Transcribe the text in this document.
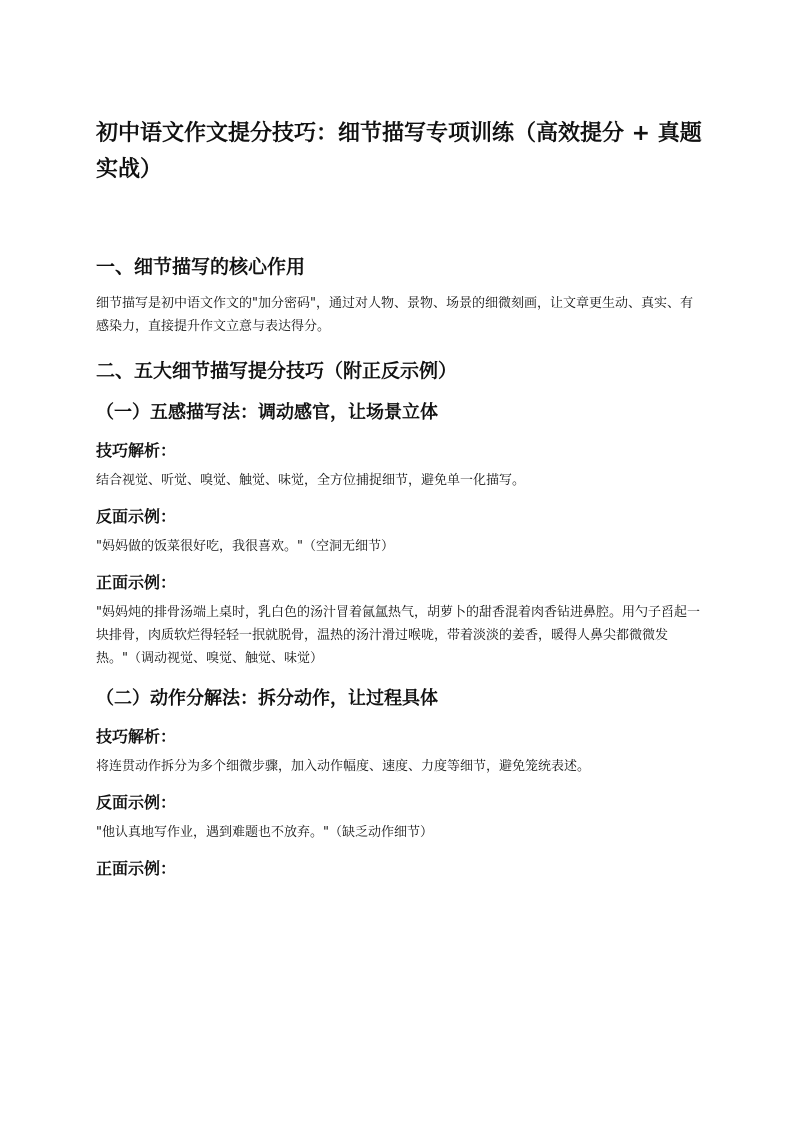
初中语文作文提分技巧：细节描写专项训练（高效提分 + 真题实战）
一、细节描写的核心作用

细节描写是初中语文作文的"加分密码"，通过对人物、景物、场景的细微刻画，让文章更生动、真实、有感染力，直接提升作文立意与表达得分。

二、五大细节描写提分技巧（附正反示例）
（一）五感描写法：调动感官，让场景立体
技巧解析：

结合视觉、听觉、嗅觉、触觉、味觉，全方位捕捉细节，避免单一化描写。

反面示例：

"妈妈做的饭菜很好吃，我很喜欢。"（空洞无细节）

正面示例：

"妈妈炖的排骨汤端上桌时，乳白色的汤汁冒着氤氲热气，胡萝卜的甜香混着肉香钻进鼻腔。用勺子舀起一块排骨，肉质软烂得轻轻一抿就脱骨，温热的汤汁滑过喉咙，带着淡淡的姜香，暖得人鼻尖都微微发热。"（调动视觉、嗅觉、触觉、味觉）

（二）动作分解法：拆分动作，让过程具体
技巧解析：

将连贯动作拆分为多个细微步骤，加入动作幅度、速度、力度等细节，避免笼统表述。

反面示例：

"他认真地写作业，遇到难题也不放弃。"（缺乏动作细节）

正面示例：
